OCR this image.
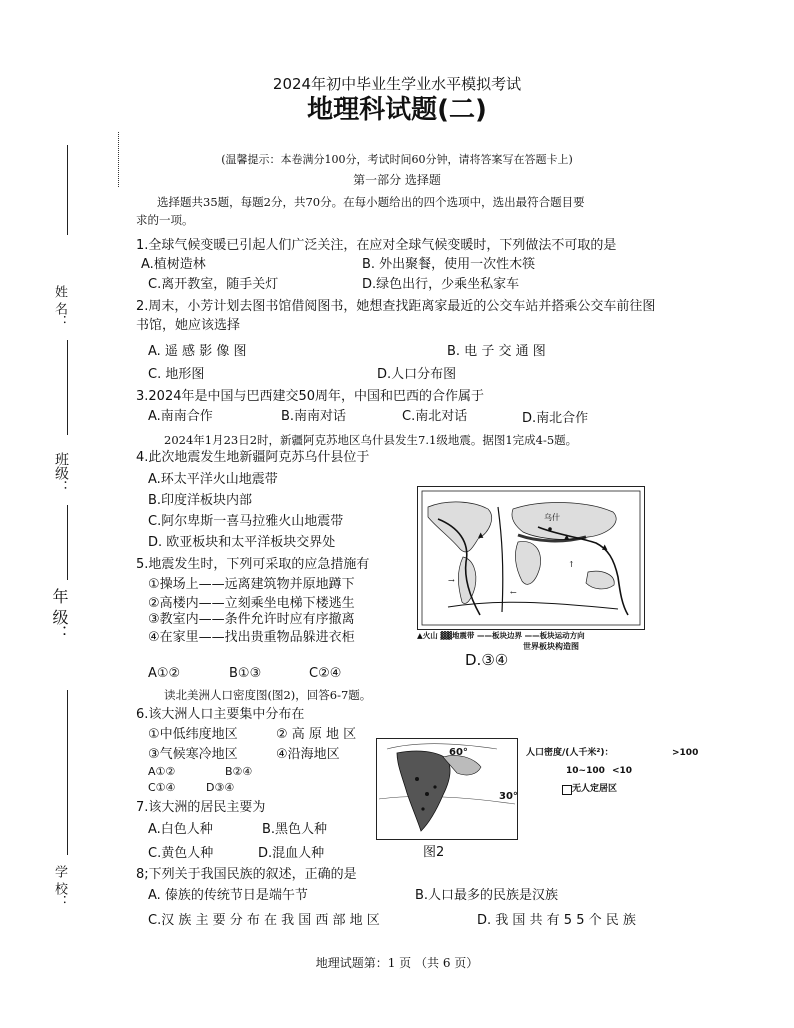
2024年初中毕业生学业水平模拟考试
地理科试题(二)
(温馨提示：本卷满分100分，考试时间60分钟，请将答案写在答题卡上)
第一部分 选择题
选择题共35题，每题2分，共70分。在每小题给出的四个选项中，选出最符合题目要
求的一项。
姓 名：
班级：
年 级：
学 校：
1.全球气候变暖已引起人们广泛关注，在应对全球气候变暖时，下列做法不可取的是
A.植树造林	B. 外出聚餐，使用一次性木筷
C.离开教室，随手关灯	D.绿色出行，少乘坐私家车
2.周末，小芳计划去图书馆借阅图书，她想查找距离家最近的公交车站并搭乘公交车前往图
书馆，她应该选择
A. 遥 感 影 像 图	B. 电 子 交 通 图
C. 地形图	D.人口分布图
3.2024年是中国与巴西建交50周年，中国和巴西的合作属于
A.南南合作	B.南南对话	C.南北对话	D.南北合作
2024年1月23日2时，新疆阿克苏地区乌什县发生7.1级地震。据图1完成4-5题。
4.此次地震发生地新疆阿克苏乌什县位于
A.环太平洋火山地震带
B.印度洋板块内部
C.阿尔卑斯一喜马拉雅火山地震带
D. 欧亚板块和太平洋板块交界处
5.地震发生时，下列可采取的应急措施有
①操场上——远离建筑物并原地蹲下
②高楼内——立刻乘坐电梯下楼逃生
③教室内——条件允许时应有序撤离
④在家里——找出贵重物品躲进衣柜
A①②	B①③	C②④
D.③④
▲
▲
▲
→
↑
←
乌什
▲火山 ▓▓地震带 ——板块边界 ——板块运动方向
世界板块构造图
读北美洲人口密度图(图2)，回答6-7题。
6.该大洲人口主要集中分布在
①中低纬度地区	② 高 原 地 区
③气候寒冷地区	④沿海地区
A①②	B②④
C①④	D③④
60°
30°
人口密度/(人千米²)：	>100
10~100 <10
无人定居区
图2
7.该大洲的居民主要为
A.白色人种	B.黑色人种
C.黄色人种	D.混血人种
8;下列关于我国民族的叙述，正确的是
A. 傣族的传统节日是端午节	B.人口最多的民族是汉族
C.汉 族 主 要 分 布 在 我 国 西 部 地 区	D. 我 国 共 有 5 5 个 民 族
地理试题第：1 页 （共 6 页）
